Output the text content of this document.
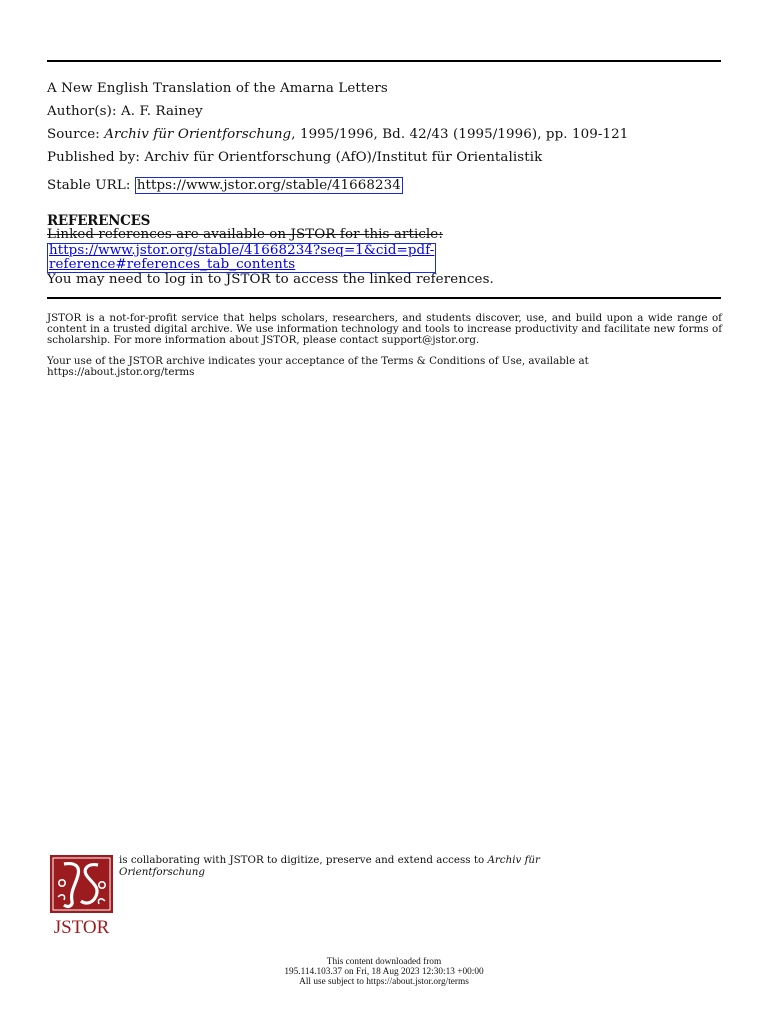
A New English Translation of the Amarna Letters
Author(s): A. F. Rainey
Source: Archiv für Orientforschung, 1995/1996, Bd. 42/43 (1995/1996), pp. 109-121
Published by: Archiv für Orientforschung (AfO)/Institut für Orientalistik
Stable URL: https://www.jstor.org/stable/41668234
REFERENCES
Linked references are available on JSTOR for this article:
https://www.jstor.org/stable/41668234?seq=1&cid=pdf-
reference#references_tab_contents
You may need to log in to JSTOR to access the linked references.

JSTOR is a not-for-profit service that helps scholars, researchers, and students discover, use, and build upon a wide range of content in a trusted digital archive. We use information technology and tools to increase productivity and facilitate new forms of scholarship. For more information about JSTOR, please contact support@jstor.org.

Your use of the JSTOR archive indicates your acceptance of the Terms & Conditions of Use, available at https://about.jstor.org/terms

JSTOR
is collaborating with JSTOR to digitize, preserve and extend access to Archiv für Orientforschung
This content downloaded from
195.114.103.37 on Fri, 18 Aug 2023 12:30:13 +00:00
All use subject to https://about.jstor.org/terms
